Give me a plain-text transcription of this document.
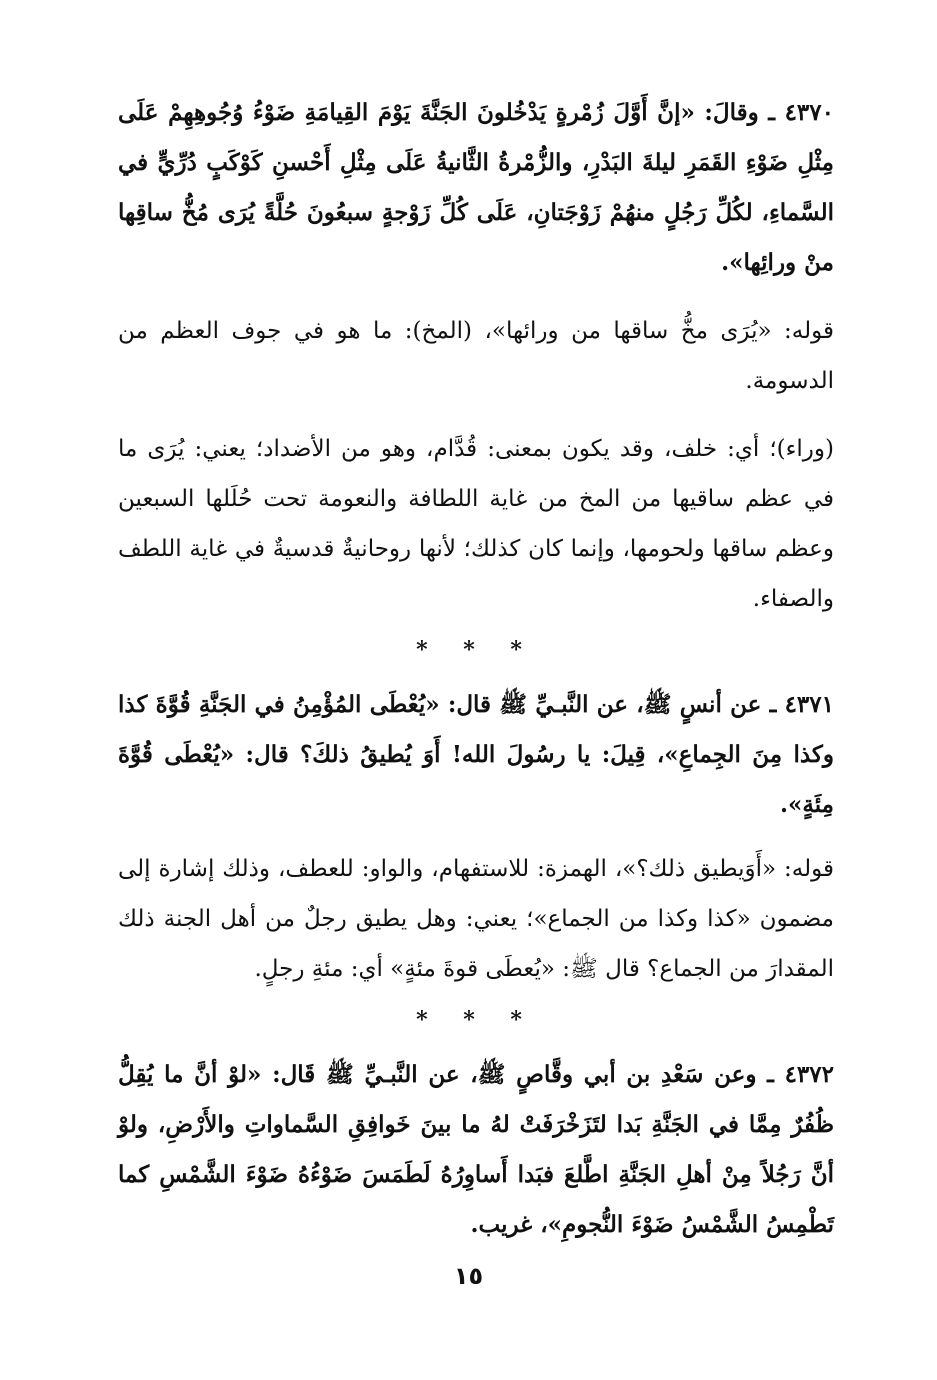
٤٣٧٠ ـ وقالَ: «إنَّ أَوَّلَ زُمْرةٍ يَدْخُلونَ الجَنَّةَ يَوْمَ القِيامَةِ ضَوْءُ وُجُوهِهِمْ عَلَى مِثْلِ ضَوْءِ القَمَرِ ليلةَ البَدْرِ، والزُّمْرةُ الثَّانيةُ عَلَى مِثْلِ أَحْسنِ كَوْكَبٍ دُرِّيٍّ في السَّماءِ، لكُلِّ رَجُلٍ منهُمْ زَوْجَتانِ، عَلَى كُلِّ زَوْجةٍ سبعُونَ حُلَّةً يُرَى مُخُّ ساقِها منْ ورائِها».

قوله: «يُرَى مخُّ ساقها من ورائها»، (المخ): ما هو في جوف العظم من الدسومة.

(وراء)؛ أي: خلف، وقد يكون بمعنى: قُدَّام، وهو من الأضداد؛ يعني: يُرَى ما في عظم ساقيها من المخ من غاية اللطافة والنعومة تحت حُلَلها السبعين وعظم ساقها ولحومها، وإنما كان كذلك؛ لأنها روحانيةٌ قدسيةٌ في غاية اللطف والصفاء.

* * *

٤٣٧١ ـ عن أنسٍ ﷺ، عن النَّبـيِّ ﷺ قال: «يُعْطَى المُؤْمِنُ في الجَنَّةِ قُوَّةَ كذا وكذا مِنَ الجِماعِ»، قِيلَ: يا رسُولَ الله! أَوَ يُطيقُ ذلكَ؟ قال: «يُعْطَى قُوَّةَ مِئَةٍ».

قوله: «أَوَيطيق ذلك؟»، الهمزة: للاستفهام، والواو: للعطف، وذلك إشارة إلى مضمون «كذا وكذا من الجماع»؛ يعني: وهل يطيق رجلٌ من أهل الجنة ذلك المقدارَ من الجماع؟ قال ﷺ: «يُعطَى قوةَ مئةٍ» أي: مئةِ رجلٍ.

* * *

٤٣٧٢ ـ وعن سَعْدِ بن أبي وقَّاصٍ ﷺ، عن النَّبـيِّ ﷺ قَال: «لوْ أنَّ ما يُقِلُّ ظُفُرٌ مِمَّا في الجَنَّةِ بَدا لتَزَخْرَفَتْ لهُ ما بينَ خَوافِقِ السَّماواتِ والأَرْضِ، ولوْ أنَّ رَجُلاً مِنْ أهلِ الجَنَّةِ اطَّلعَ فبَدا أَساوِرُهُ لَطَمَسَ ضَوْءُهُ ضَوْءَ الشَّمْسِ كما تَطْمِسُ الشَّمْسُ ضَوْءَ النُّجومِ»، غريب.

١٥
